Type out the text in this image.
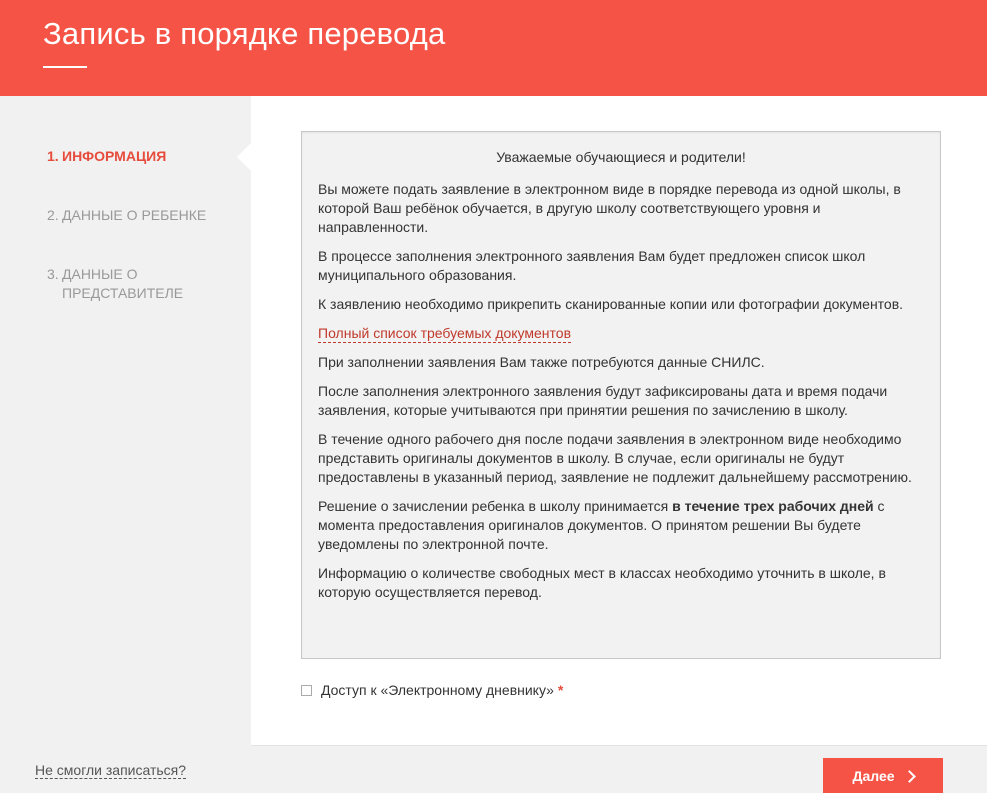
Запись в порядке перевода
1. ИНФОРМАЦИЯ
2. ДАННЫЕ О РЕБЕНКЕ
3. ДАННЫЕ О ПРЕДСТАВИТЕЛЕ
Не смогли записаться?

Уважаемые обучающиеся и родители!

Вы можете подать заявление в электронном виде в порядке перевода из одной школы, в которой Ваш ребёнок обучается, в другую школу соответствующего уровня и направленности.

В процессе заполнения электронного заявления Вам будет предложен список школ муниципального образования.

К заявлению необходимо прикрепить сканированные копии или фотографии документов.

Полный список требуемых документов

При заполнении заявления Вам также потребуются данные СНИЛС.

После заполнения электронного заявления будут зафиксированы дата и время подачи заявления, которые учитываются при принятии решения по зачислению в школу.

В течение одного рабочего дня после подачи заявления в электронном виде необходимо представить оригиналы документов в школу. В случае, если оригиналы не будут предоставлены в указанный период, заявление не подлежит дальнейшему рассмотрению.

Решение о зачислении ребенка в школу принимается в течение трех рабочих дней с момента предоставления оригиналов документов. О принятом решении Вы будете уведомлены по электронной почте.

Информацию о количестве свободных мест в классах необходимо уточнить в школе, в которую осуществляется перевод.

Доступ к «Электронному дневнику» *
Далее
